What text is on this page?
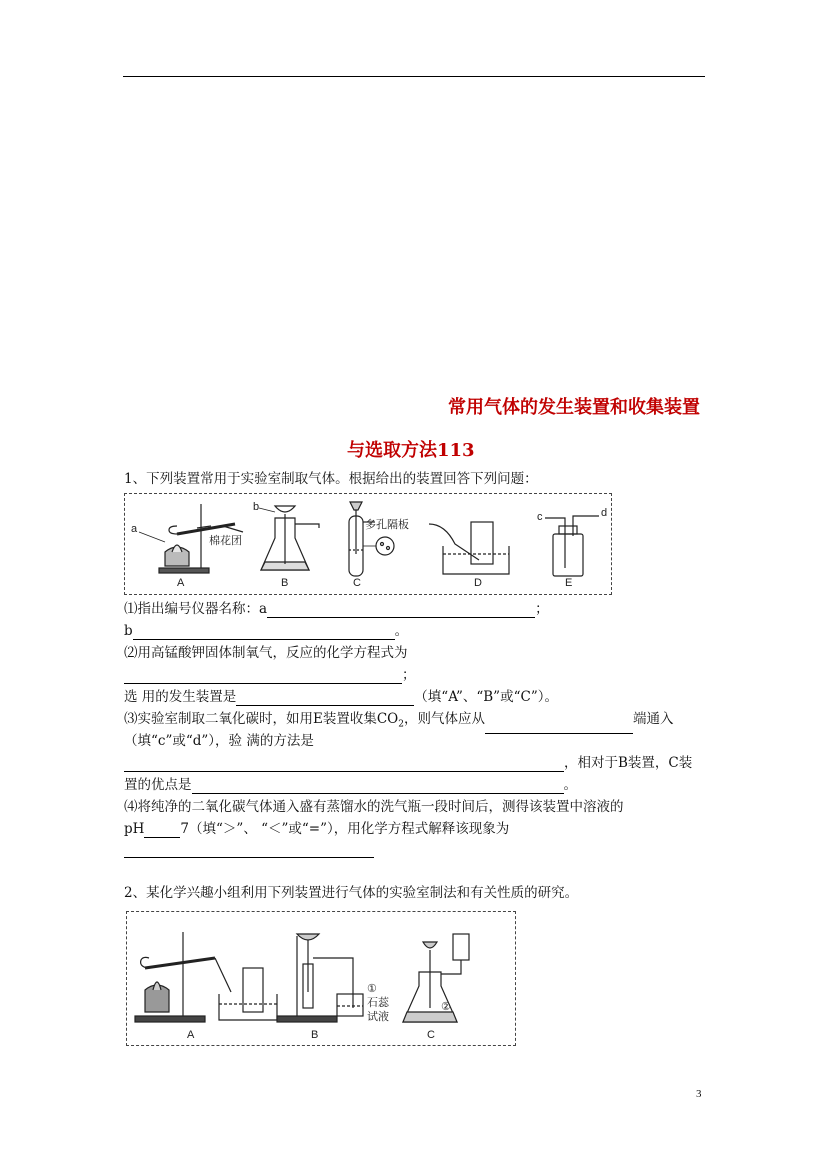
常用气体的发生装置和收集装置
与选取方法113
1、下列装置常用于实验室制取气体。根据给出的装置回答下列问题：
a
棉花团
A
b
B
多孔隔板
C	D
c	d
E
⑴指出编号仪器名称：a	；
b	。
⑵用高锰酸钾固体制氧气，反应的化学方程式为
；
选 用的发生装置是	（填“A”、“B”或“C”）。
⑶实验室制取二氧化碳时，如用E装置收集$CO_2$，则气体应从	端通入
（填“c”或“d”），验 满的方法是
，相对于B装置，C装
置的优点是	。
⑷将纯净的二氧化碳气体通入盛有蒸馏水的洗气瓶一段时间后，测得该装置中溶液的
pH	7（填“＞”、 “＜”或“=”），用化学方程式解释该现象为
2、某化学兴趣小组利用下列装置进行气体的实验室制法和有关性质的研究。
A	B
①
石蕊
试液
②
C
3
